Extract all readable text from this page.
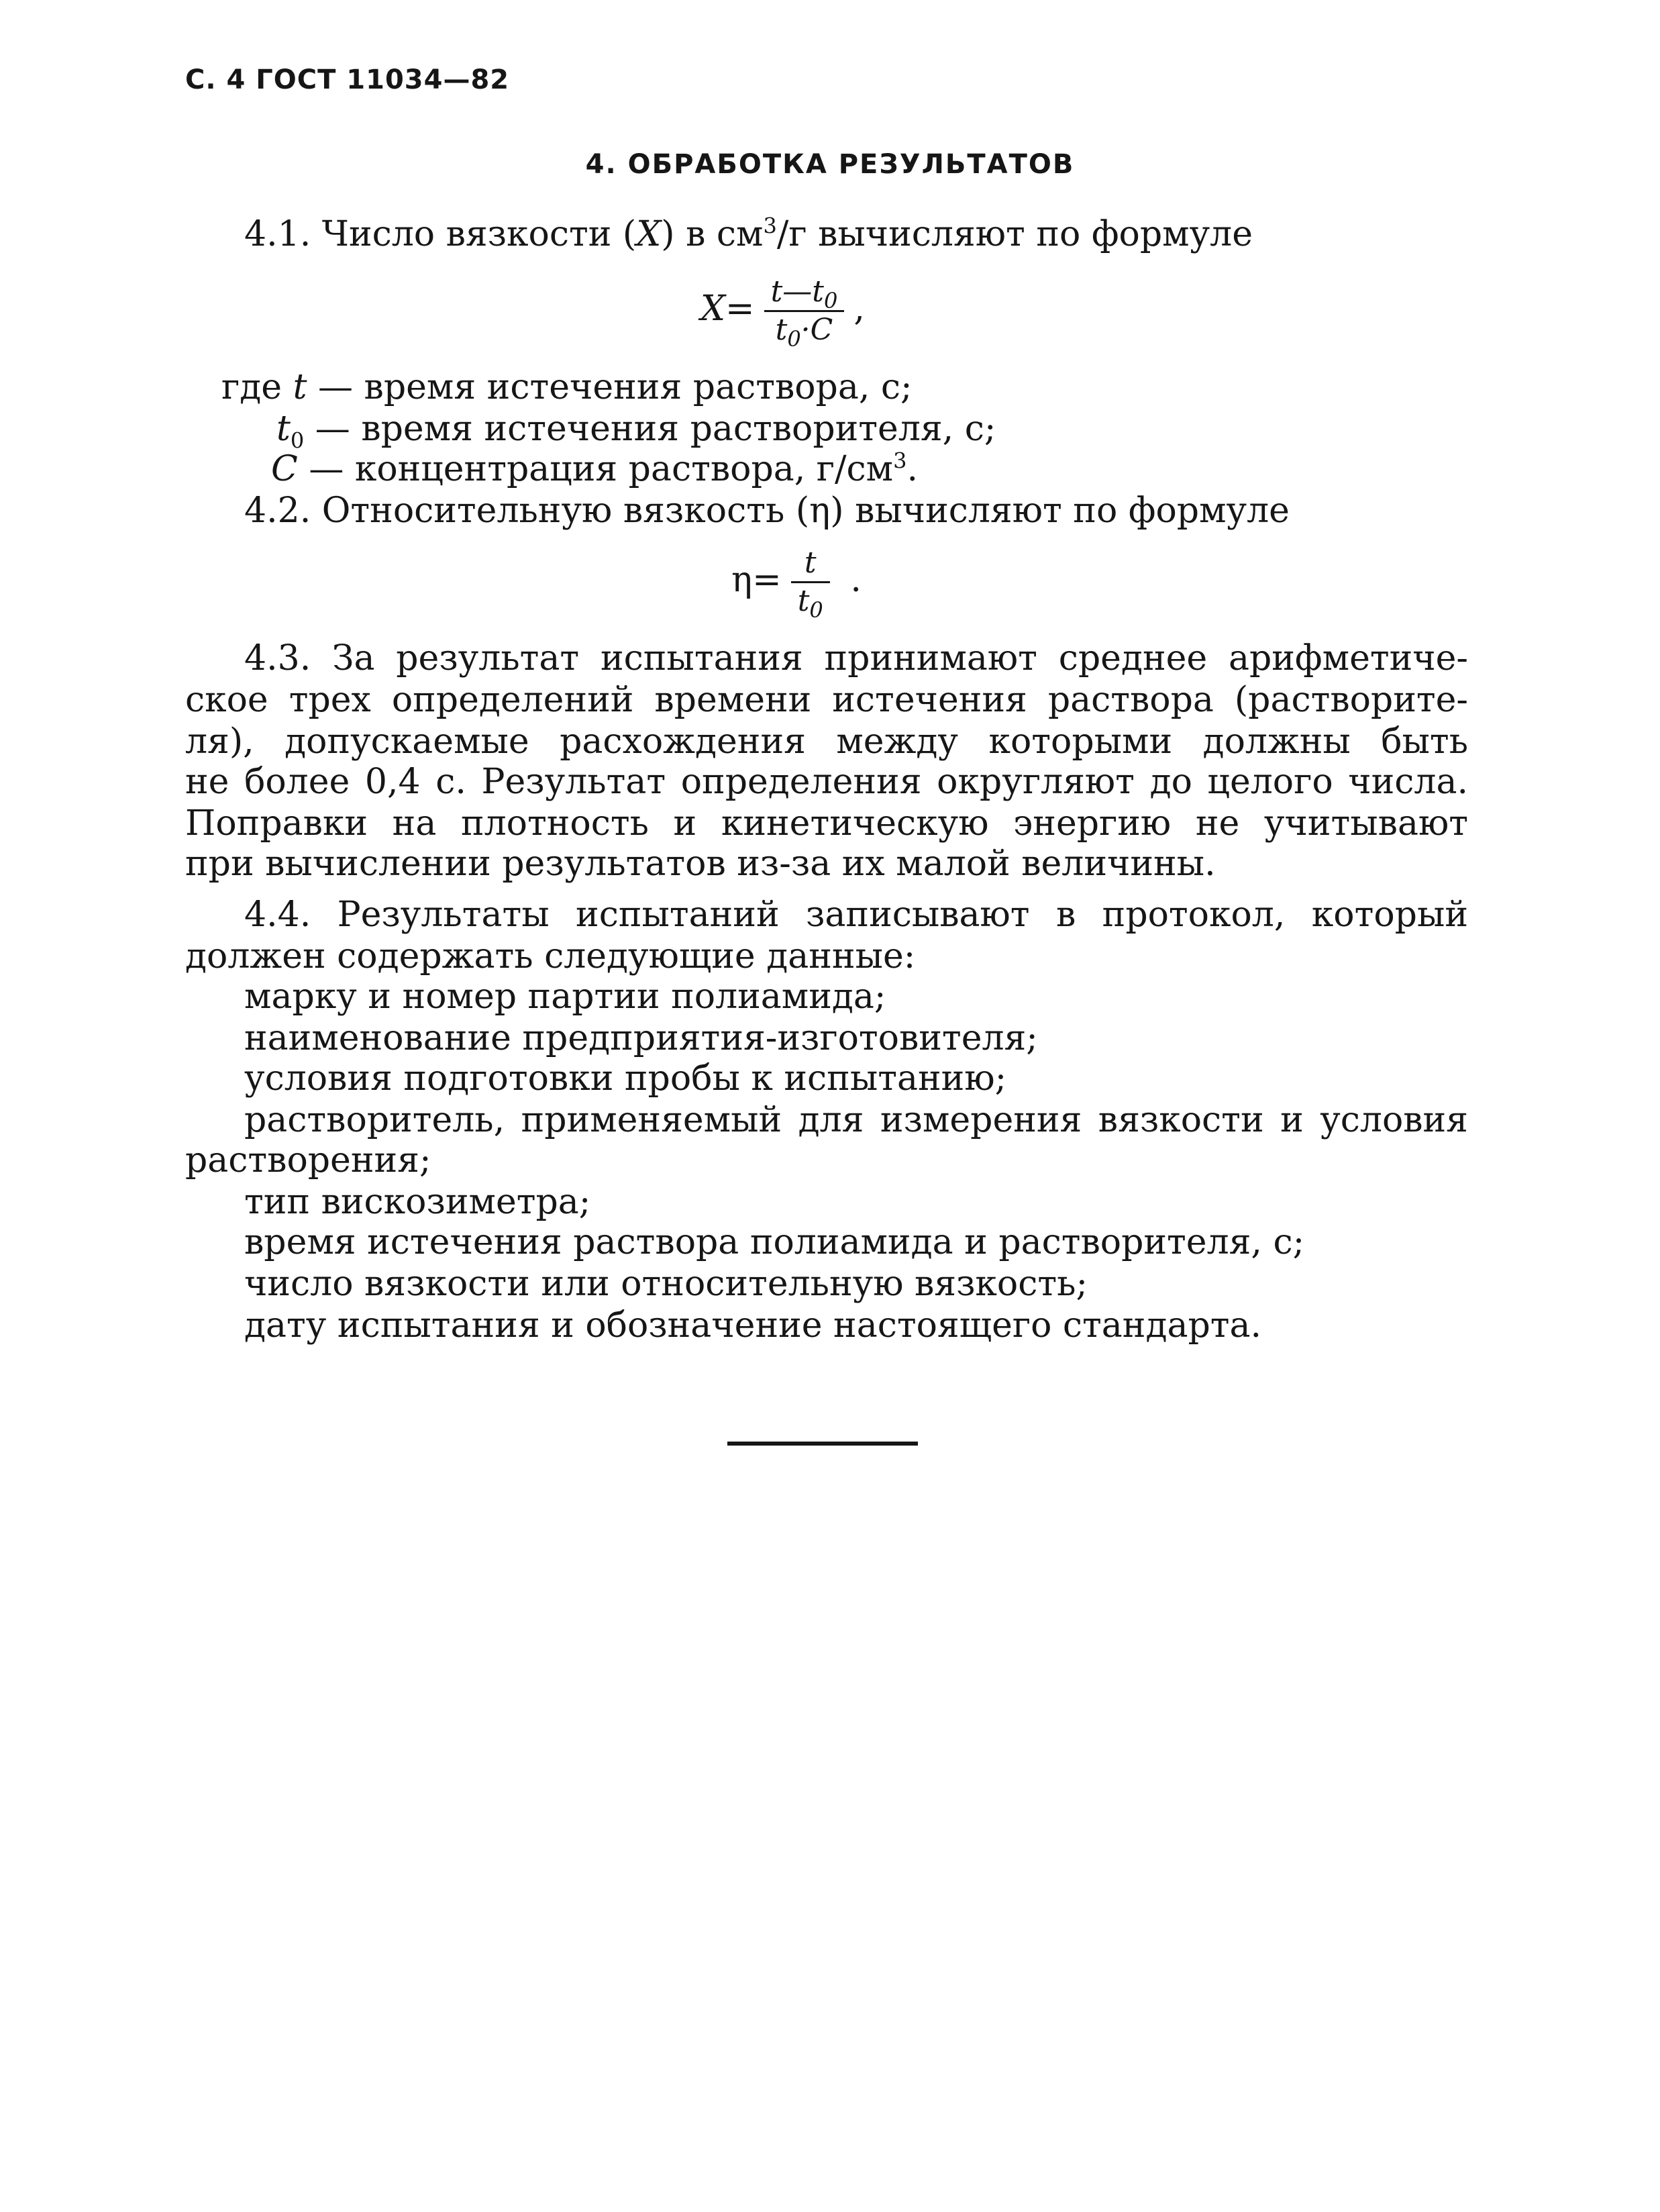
С. 4 ГОСТ 11034—82
4. ОБРАБОТКА РЕЗУЛЬТАТОВ
4.1. Число вязкости (X) в $см^3/г$ вычисляют по формуле
$X= \frac{t—t_0}{t_0\cdot C}$ ,
где t — время истечения раствора, с;
$t_0$ — время истечения растворителя, с;
C — концентрация раствора, $г/см^3$.
4.2. Относительную вязкость (η) вычисляют по формуле
$\eta= \frac{t}{t_0}$ .
4.3. За результат испытания принимают среднее арифметиче-
ское трех определений времени истечения раствора (растворите-
ля), допускаемые расхождения между которыми должны быть
не более 0,4 с. Результат определения округляют до целого числа.
Поправки на плотность и кинетическую энергию не учитывают
при вычислении результатов из-за их малой величины.
4.4. Результаты испытаний записывают в протокол, который
должен содержать следующие данные:
марку и номер партии полиамида;
наименование предприятия-изготовителя;
условия подготовки пробы к испытанию;
растворитель, применяемый для измерения вязкости и условия
растворения;
тип вискозиметра;
время истечения раствора полиамида и растворителя, с;
число вязкости или относительную вязкость;
дату испытания и обозначение настоящего стандарта.
